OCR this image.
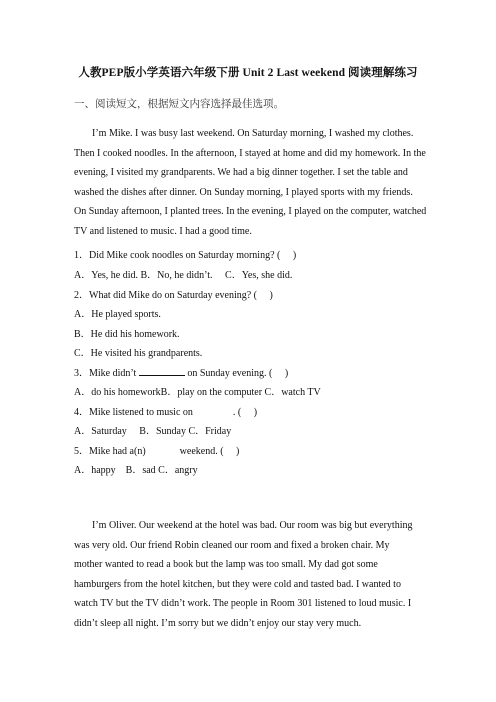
人教PEP版小学英语六年级下册 Unit 2 Last weekend 阅读理解练习
一、阅读短文，根据短文内容选择最佳选项。
I’m Mike. I was busy last weekend. On Saturday morning, I washed my clothes.
Then I cooked noodles. In the afternoon, I stayed at home and did my homework. In the
evening, I visited my grandparents. We had a big dinner together. I set the table and
washed the dishes after dinner. On Sunday morning, I played sports with my friends.
On Sunday afternoon, I planted trees. In the evening, I played on the computer, watched
TV and listened to music. I had a good time.
1．Did Mike cook noodles on Saturday morning? (　 )
A．Yes, he did. B．No, he didn’t.　 C．Yes, she did.
2．What did Mike do on Saturday evening? (　 )
A．He played sports.
B．He did his homework.
C．He visited his grandparents.
3．Mike didn’t	on Sunday evening. (　 )
A．do his homeworkB．play on the computer C．watch TV
4．Mike listened to music on	. (　 )
A．Saturday　 B．Sunday C．Friday
5．Mike had a(n)	weekend. (　 )
A．happy　B．sad C．angry
I’m Oliver. Our weekend at the hotel was bad. Our room was big but everything
was very old. Our friend Robin cleaned our room and fixed a broken chair. My
mother wanted to read a book but the lamp was too small. My dad got some
hamburgers from the hotel kitchen, but they were cold and tasted bad. I wanted to
watch TV but the TV didn’t work. The people in Room 301 listened to loud music. I
didn’t sleep all night. I’m sorry but we didn’t enjoy our stay very much.
